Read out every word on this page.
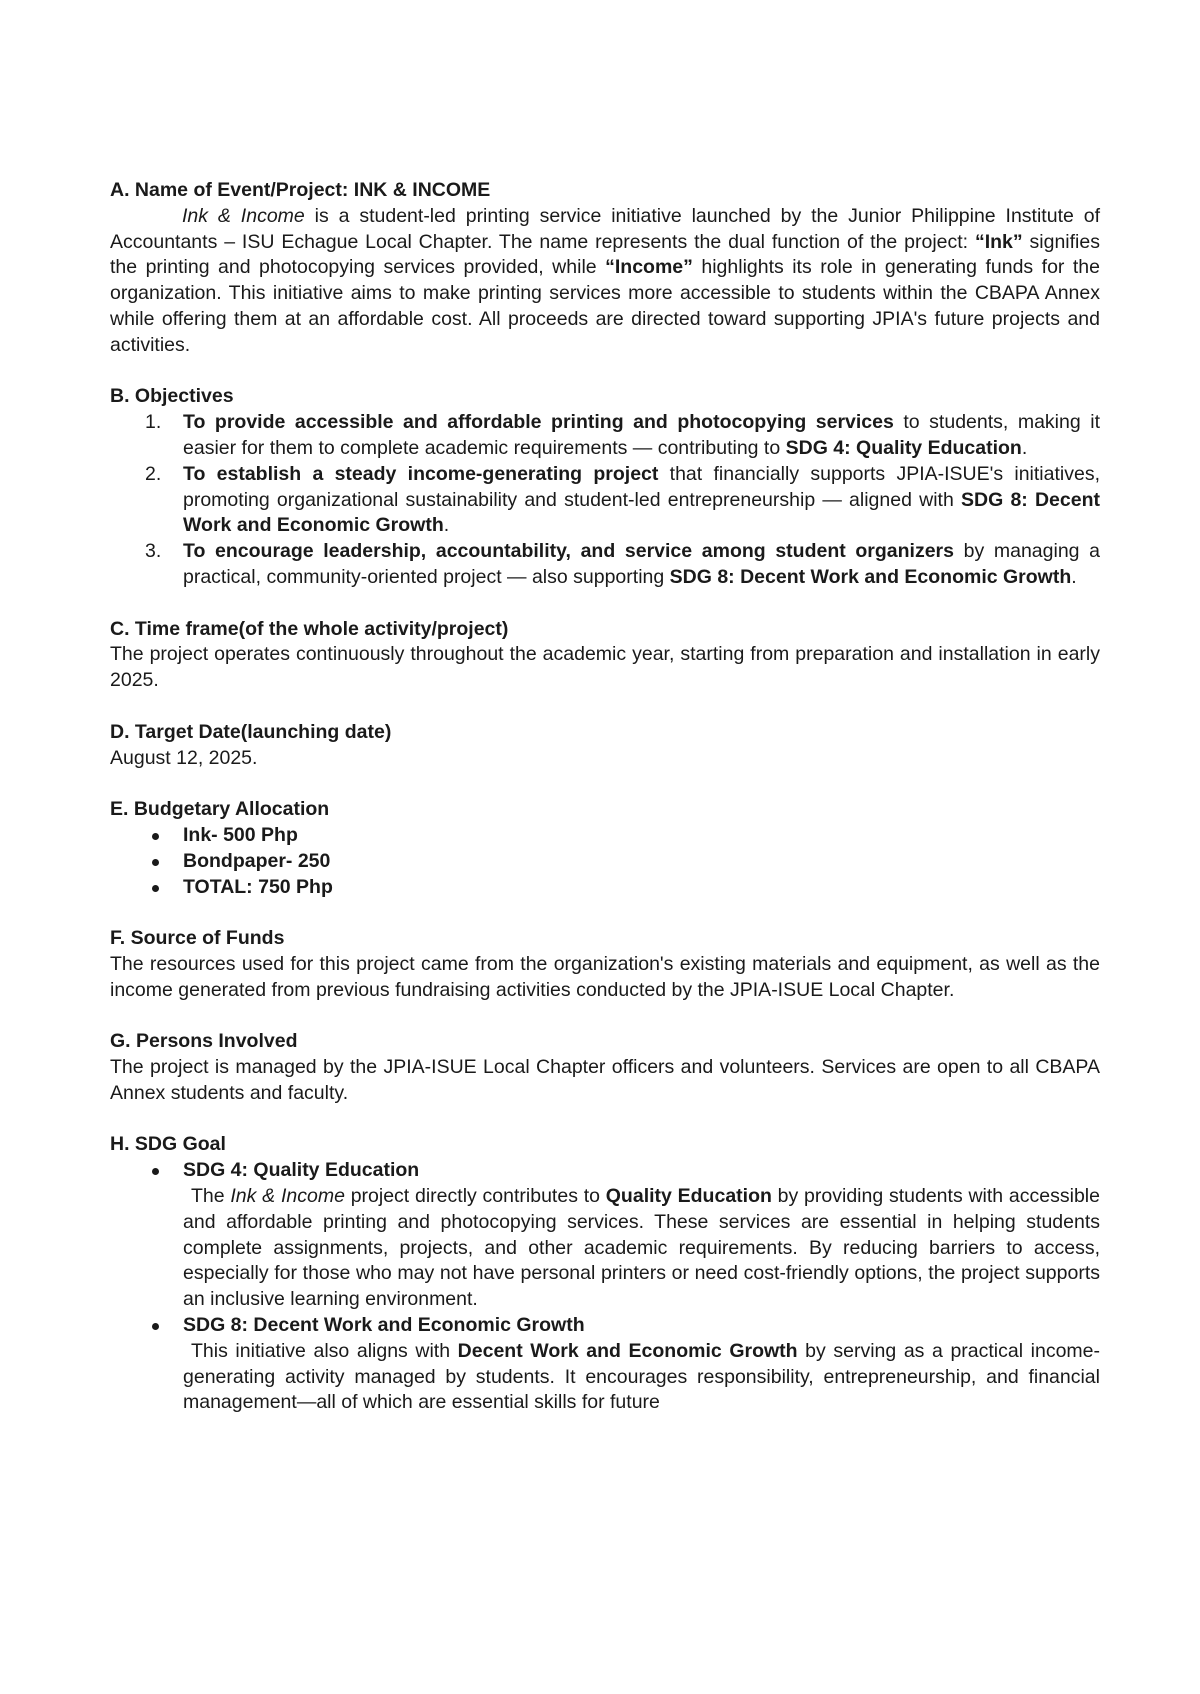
A. Name of Event/Project: INK & INCOME

Ink & Income is a student-led printing service initiative launched by the Junior Philippine Institute of Accountants – ISU Echague Local Chapter. The name represents the dual function of the project: “Ink” signifies the printing and photocopying services provided, while “Income” highlights its role in generating funds for the organization. This initiative aims to make printing services more accessible to students within the CBAPA Annex while offering them at an affordable cost. All proceeds are directed toward supporting JPIA's future projects and activities.

B. Objectives

1. To provide accessible and affordable printing and photocopying services to students, making it easier for them to complete academic requirements — contributing to SDG 4: Quality Education.
2. To establish a steady income-generating project that financially supports JPIA-ISUE's initiatives, promoting organizational sustainability and student-led entrepreneurship — aligned with SDG 8: Decent Work and Economic Growth.
3. To encourage leadership, accountability, and service among student organizers by managing a practical, community-oriented project — also supporting SDG 8: Decent Work and Economic Growth.

C. Time frame(of the whole activity/project)

The project operates continuously throughout the academic year, starting from preparation and installation in early 2025.

D. Target Date(launching date)

August 12, 2025.

E. Budgetary Allocation

Ink- 500 Php
Bondpaper- 250
TOTAL: 750 Php

F. Source of Funds

The resources used for this project came from the organization's existing materials and equipment, as well as the income generated from previous fundraising activities conducted by the JPIA-ISUE Local Chapter.

G. Persons Involved

The project is managed by the JPIA-ISUE Local Chapter officers and volunteers. Services are open to all CBAPA Annex students and faculty.

H. SDG Goal

SDG 4: Quality Education
The Ink & Income project directly contributes to Quality Education by providing students with accessible and affordable printing and photocopying services. These services are essential in helping students complete assignments, projects, and other academic requirements. By reducing barriers to access, especially for those who may not have personal printers or need cost-friendly options, the project supports an inclusive learning environment.
SDG 8: Decent Work and Economic Growth
This initiative also aligns with Decent Work and Economic Growth by serving as a practical income-generating activity managed by students. It encourages responsibility, entrepreneurship, and financial management—all of which are essential skills for future
